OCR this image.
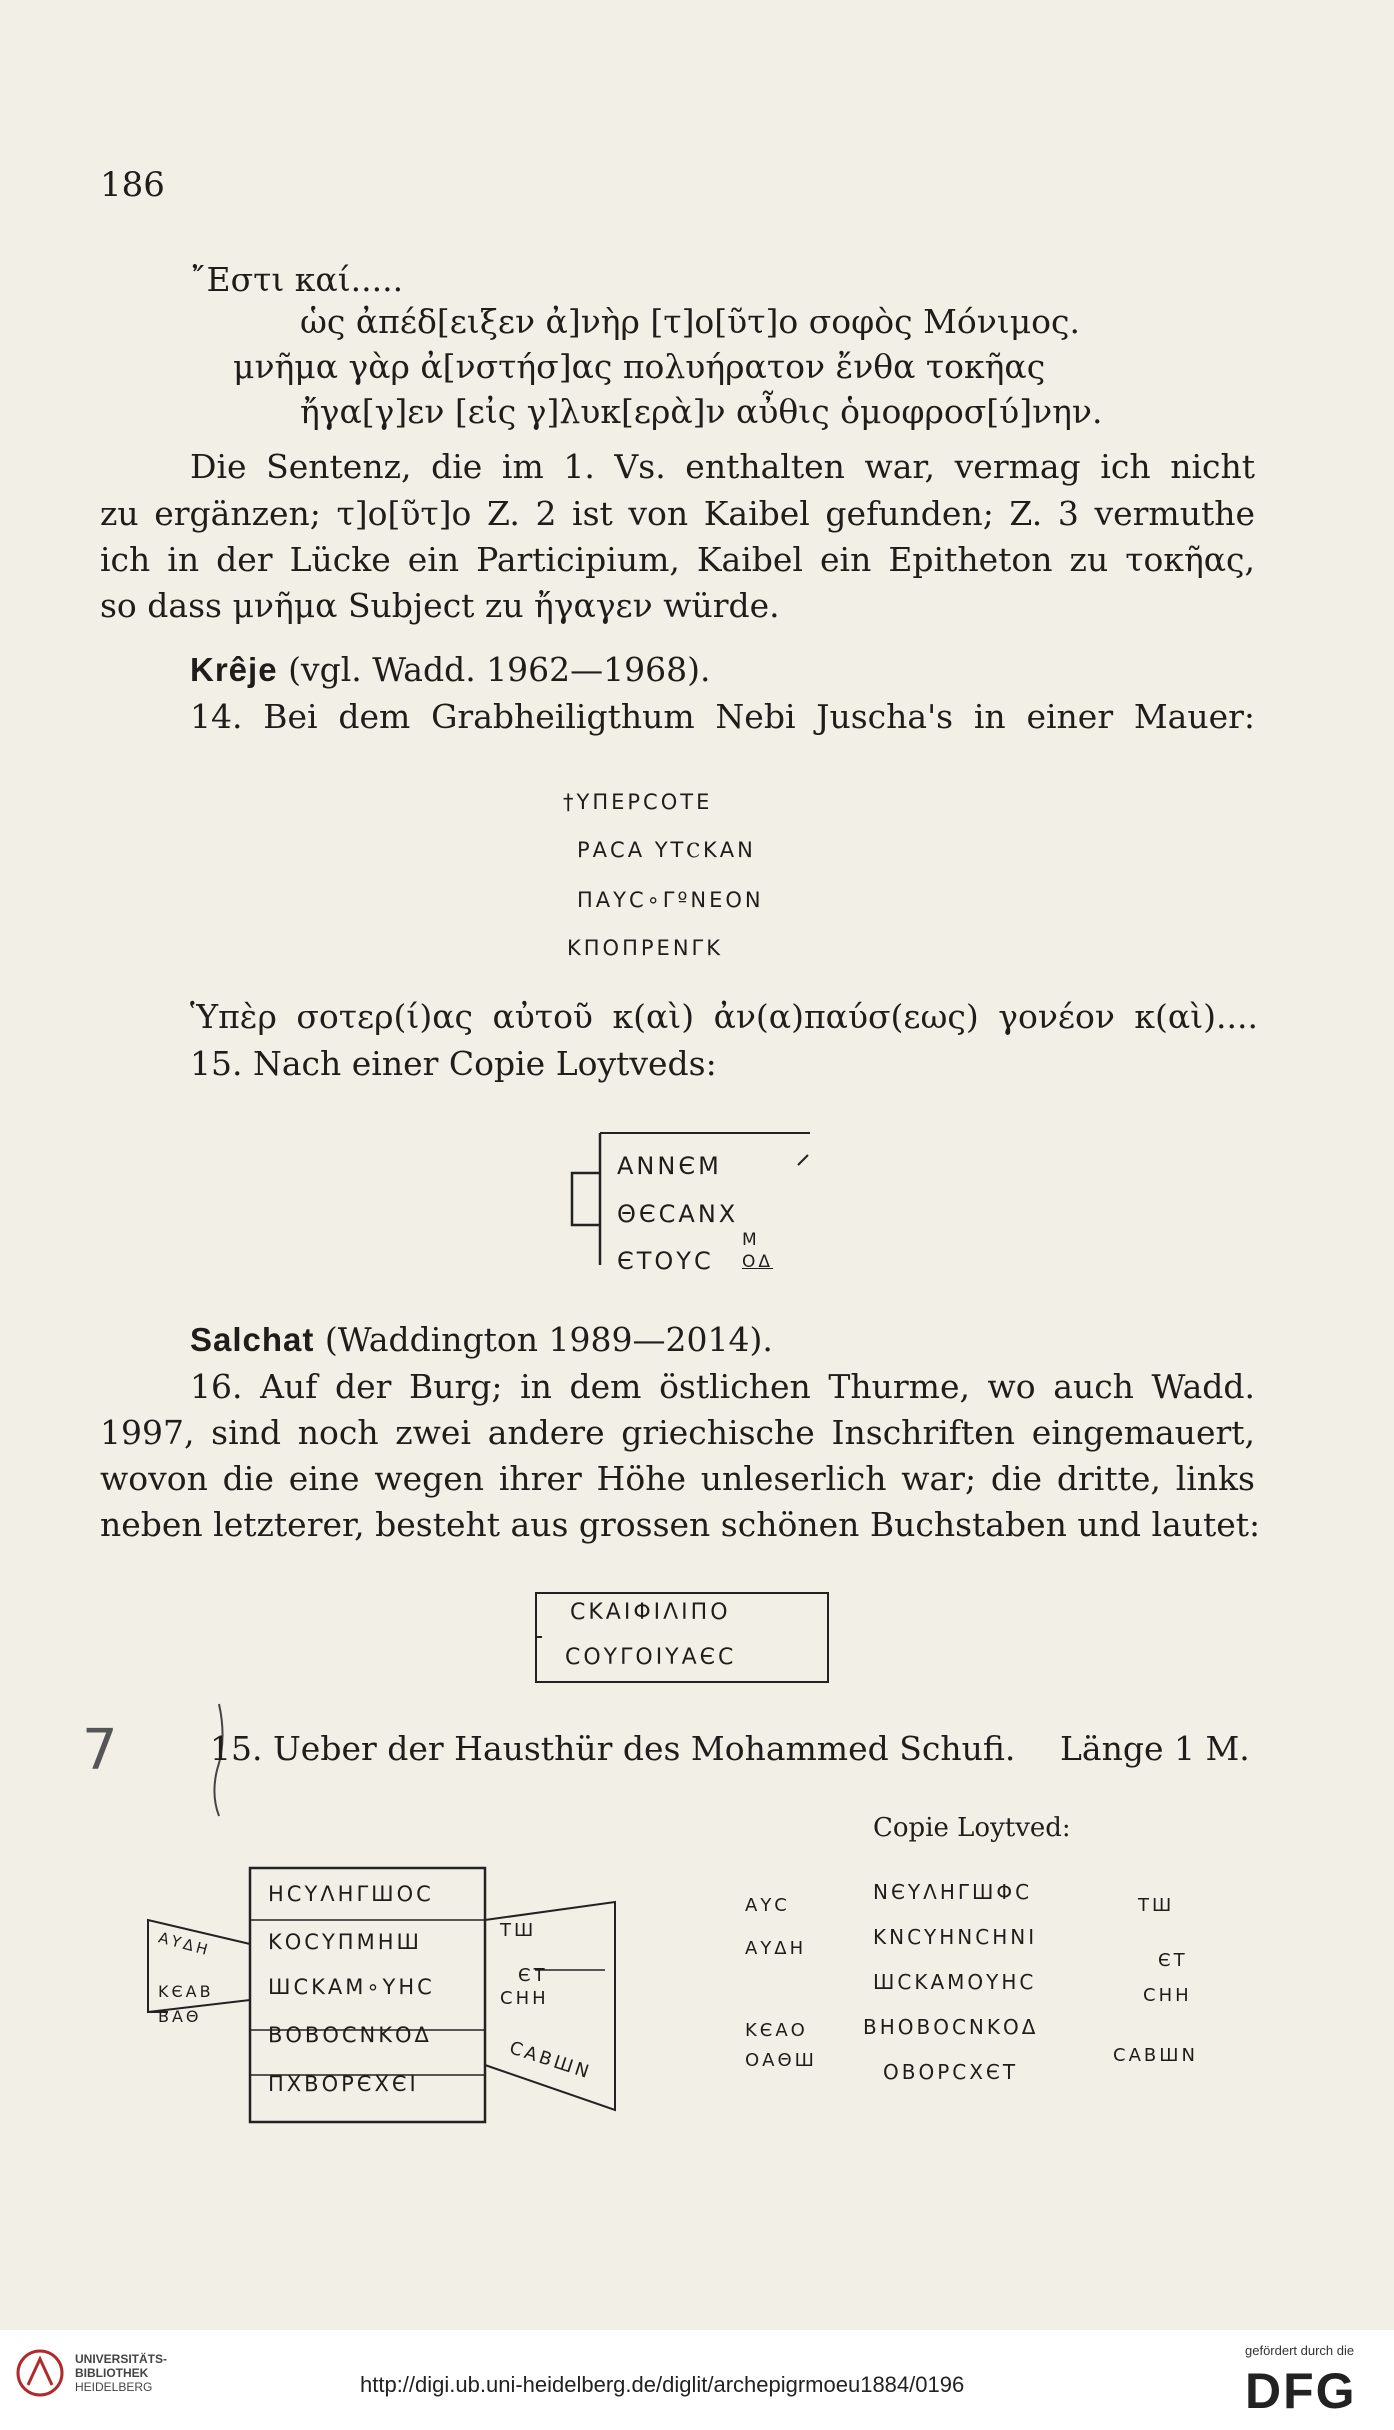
186
῎Εστι καί.....
ὡς ἀπέδ[ειξεν ἀ]νὴρ [τ]ο[ῦτ]ο σοφὸς Μόνιμος.
μνῆμα γὰρ ἀ[νστήσ]ας πολυήρατον ἔνθα τοκῆας
ἤγα[γ]εν [εἰς γ]λυκ[ερὰ]ν αὖθις ὁμοφροσ[ύ]νην.
Die Sentenz, die im 1. Vs. enthalten war, vermag ich nicht
zu ergänzen; τ]ο[ῦτ]ο Z. 2 ist von Kaibel gefunden; Z. 3 vermuthe
ich in der Lücke ein Participium, Kaibel ein Epitheton zu τοκῆας,
so dass μνῆμα Subject zu ἤγαγεν würde.
Krêje (vgl. Wadd. 1962—1968).
14. Bei dem Grabheiligthum Nebi Juscha's in einer Mauer:
†ΥΠΕΡϹΟΤΕ
ΡΑϹΑ ΥΤⲤΚΑΝ
ΠΑΥϹ∘ΓºΝΕΟΝ
ΚΠΟΠΡΕΝΓΚ
Ὑπὲρ σοτερ(ί)ας αὐτοῦ κ(αὶ) ἀν(α)παύσ(εως) γονέον κ(αὶ)....
15. Nach einer Copie Loytveds:
ΑΝΝЄΜ
ΘЄϹΑΝΧ
ЄΤΟΥϹ
Μ
ΟΔ
Salchat (Waddington 1989—2014).
16. Auf der Burg; in dem östlichen Thurme, wo auch Wadd.
1997, sind noch zwei andere griechische Inschriften eingemauert,
wovon die eine wegen ihrer Höhe unleserlich war; die dritte, links
neben letzterer, besteht aus grossen schönen Buchstaben und lautet:
ϹΚΑΙΦΙΛΙΠΟ
ϹΟΥΓΟΙΥΑЄϹ
7	15. Ueber der Hausthür des Mohammed Schufi. Länge 1 M.
Copie Loytved:
ΗϹΥΛΗΓШΟϹ
ΚΟϹΥΠΜΗШ
ШϹΚΑΜ∘ΥΗϹ
ΒΟΒΟϹΝΚΟΔ
ΠΧΒΟΡЄΧЄΙ
ΑΥΔΗ
ΚЄΑΒ
ΒΑΘ
ΤШ
ЄΤ
ϹΗΗ
ϹΑΒШΝ
ΑΥϹ
ΑΥΔΗ
ΚЄΑΟ
ΟΑΘШ
ΝЄΥΛΗΓШΦϹ
ΚΝϹΥΗΝϹΗΝΙ
ШϹΚΑΜΟΥΗϹ
ΒΗΟΒΟϹΝΚΟΔ
ΟΒΟΡϹΧЄΤ
ΤШ
ЄΤ
ϹΗΗ
ϹΑΒШΝ
UNIVERSITÄTS-
BIBLIOTHEK
HEIDELBERG	http://digi.ub.uni-heidelberg.de/diglit/archepigrmoeu1884/0196
gefördert durch die
DFG
